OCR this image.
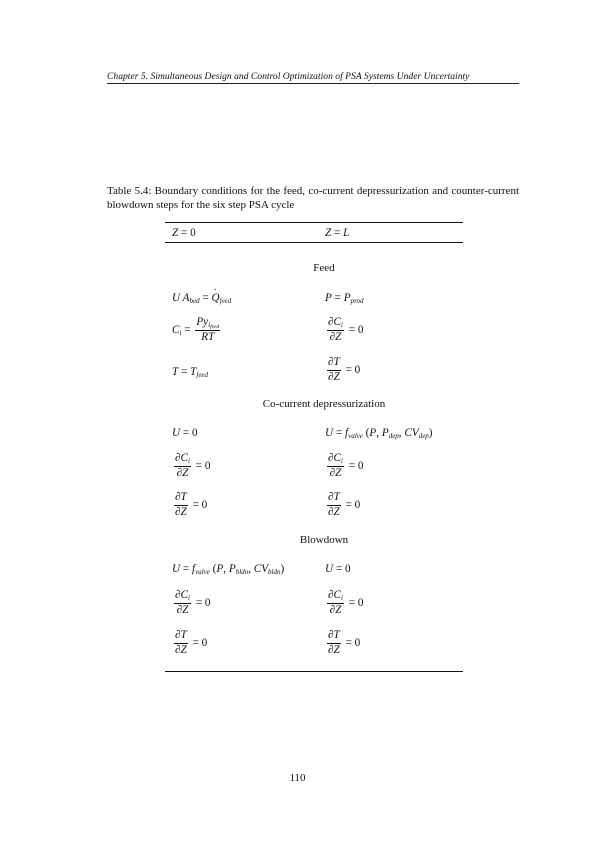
Chapter 5. Simultaneous Design and Control Optimization of PSA Systems Under Uncertainty
Table 5.4: Boundary conditions for the feed, co-current depressurization and counter-current blowdown steps for the six step PSA cycle
Z = 0	Z = L
Feed
U $A_{bed}$ = · $Q_{feed}$	$P = P_{prod}$
$C_i = \frac{Py_{i_{feed}}}{RT}$	$\frac{\partial C_i}{\partial Z} = 0$
$T = T_{feed}$	$\frac{\partial T}{\partial Z} = 0$
Co-current depressurization
U = 0	$U = f_{valve}$ (P, $P_{dep}$, $CV_{dep}$)
$\frac{\partial C_i}{\partial Z} = 0$	$\frac{\partial C_i}{\partial Z} = 0$
$\frac{\partial T}{\partial Z} = 0$	$\frac{\partial T}{\partial Z} = 0$
Blowdown
$U = f_{valve}$ (P, $P_{bldn}$, $CV_{bldn}$)	U = 0
$\frac{\partial C_i}{\partial Z} = 0$	$\frac{\partial C_i}{\partial Z} = 0$
$\frac{\partial T}{\partial Z} = 0$	$\frac{\partial T}{\partial Z} = 0$
110
